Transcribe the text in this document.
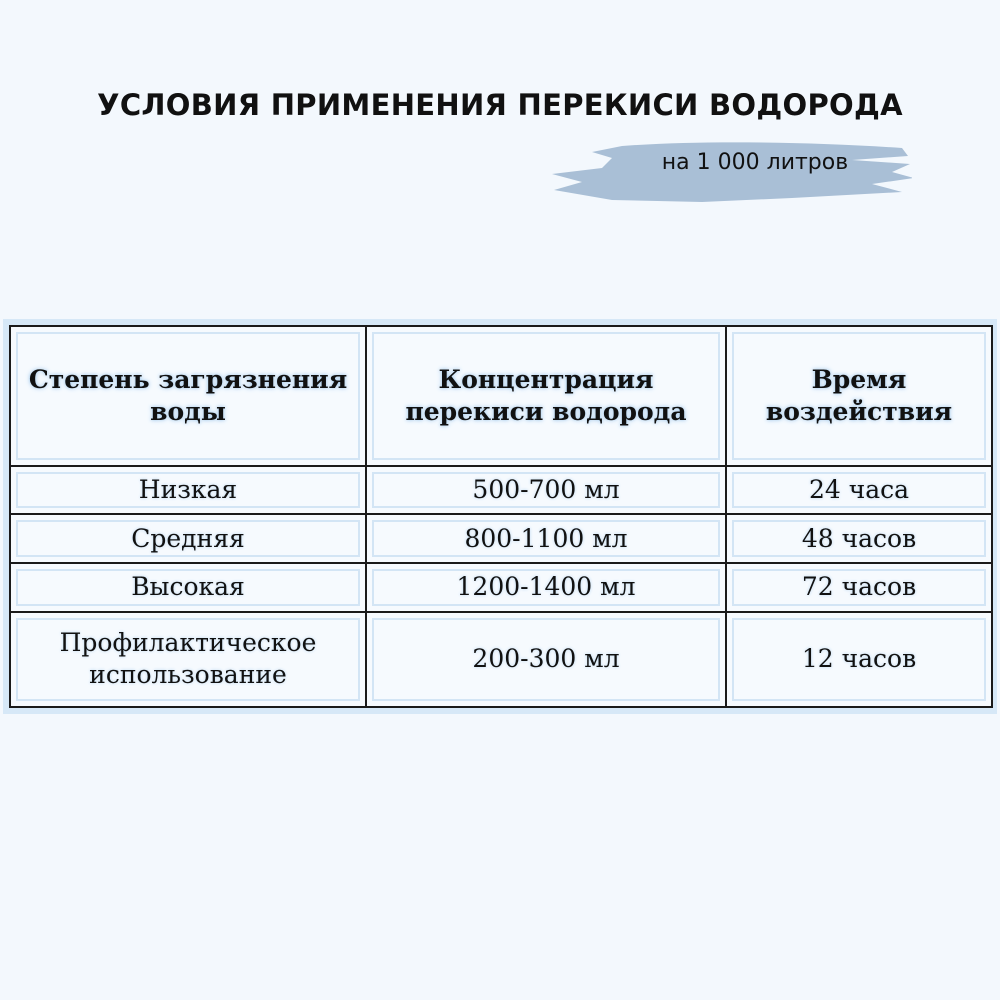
УСЛОВИЯ ПРИМЕНЕНИЯ ПЕРЕКИСИ ВОДОРОДА
на 1 000 литров
Степень загрязнения воды	Концентрация перекиси водорода	Время воздействия
Низкая	500-700 мл	24 часа
Средняя	800-1100 мл	48 часов
Высокая	1200-1400 мл	72 часов
Профилактическое использование	200-300 мл	12 часов
